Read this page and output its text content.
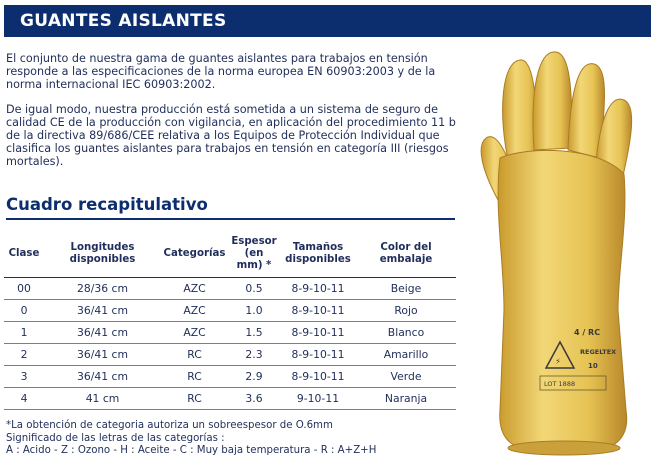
GUANTES AISLANTES

El conjunto de nuestra gama de guantes aislantes para trabajos en tensión responde a las especificaciones de la norma europea EN 60903:2003 y de la norma internacional IEC 60903:2002.

De igual modo, nuestra producción está sometida a un sistema de seguro de calidad CE de la producción con vigilancia, en aplicación del procedimiento 11 b de la directiva 89/686/CEE relativa a los Equipos de Protección Individual que clasifica los guantes aislantes para trabajos en tensión en categoría III (riesgos mortales).

Cuadro recapitulativo
Clase	Longitudes disponibles	Categorías	Espesor (en mm) *	Tamaños disponibles	Color del embalaje
00	28/36 cm	AZC	0.5	8-9-10-11	Beige
0	36/41 cm	AZC	1.0	8-9-10-11	Rojo
1	36/41 cm	AZC	1.5	8-9-10-11	Blanco
2	36/41 cm	RC	2.3	8-9-10-11	Amarillo
3	36/41 cm	RC	2.9	8-9-10-11	Verde
4	41 cm	RC	3.6	9-10-11	Naranja
*La obtención de categoria autoriza un sobreespesor de O.6mm
Significado de las letras de las categorías :
A : Acido - Z : Ozono - H : Aceite - C : Muy baja temperatura - R : A+Z+H
4 / RC
⚡
REGELTEX
10
LOT 1888
